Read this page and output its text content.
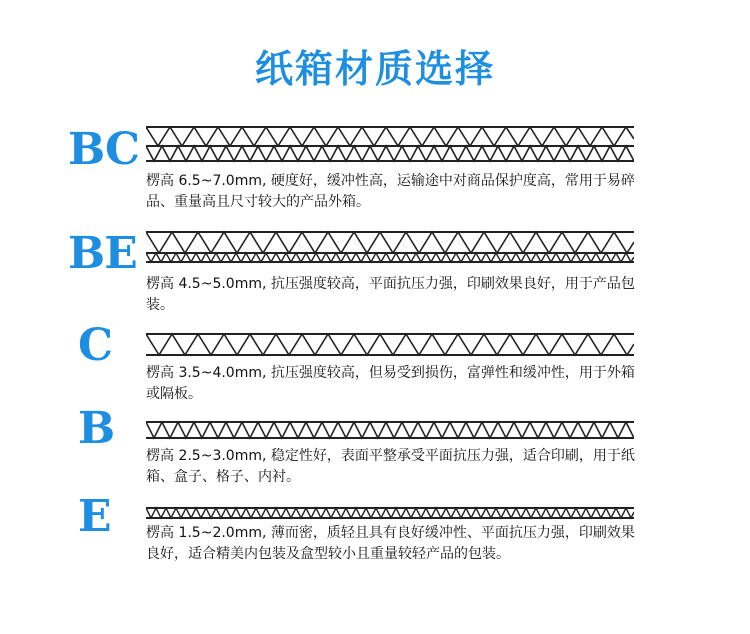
纸箱材质选择
BC
楞高 6.5~7.0mm, 硬度好，缓冲性高，运输途中对商品保护度高，常用于易碎品、重量高且尺寸较大的产品外箱。
BE
楞高 4.5~5.0mm, 抗压强度较高，平面抗压力强，印刷效果良好，用于产品包装。
C
楞高 3.5~4.0mm, 抗压强度较高，但易受到损伤，富弹性和缓冲性，用于外箱或隔板。
B
楞高 2.5~3.0mm, 稳定性好，表面平整承受平面抗压力强，适合印刷，用于纸箱、盒子、格子、内衬。
E	楞高 1.5~2.0mm, 薄而密，质轻且具有良好缓冲性、平面抗压力强，印刷效果良好，适合精美内包装及盒型较小且重量较轻产品的包装。
